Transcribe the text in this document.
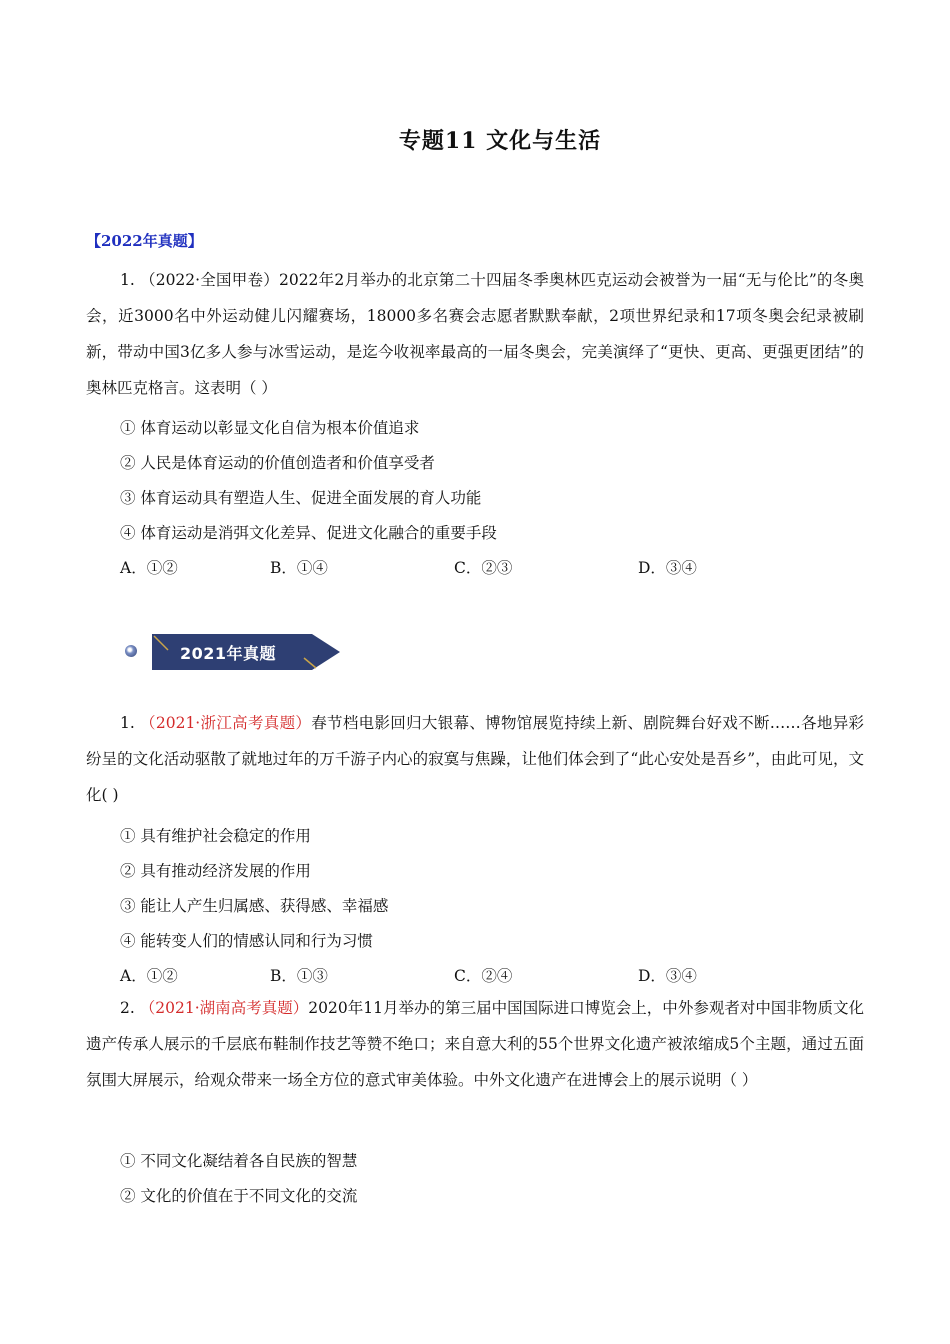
专题11 文化与生活
【2022年真题】
1. （2022·全国甲卷）2022年2月举办的北京第二十四届冬季奥林匹克运动会被誉为一届“无与伦比”的冬奥会，近3000名中外运动健儿闪耀赛场，18000多名赛会志愿者默默奉献，2项世界纪录和17项冬奥会纪录被刷新，带动中国3亿多人参与冰雪运动，是迄今收视率最高的一届冬奥会，完美演绎了“更快、更高、更强更团结”的奥林匹克格言。这表明（ ）
① 体育运动以彰显文化自信为根本价值追求
② 人民是体育运动的价值创造者和价值享受者
③ 体育运动具有塑造人生、促进全面发展的育人功能
④ 体育运动是消弭文化差异、促进文化融合的重要手段
A．①②	B．①④	C．②③	D．③④
2021年真题
1. （2021·浙江高考真题）春节档电影回归大银幕、博物馆展览持续上新、剧院舞台好戏不断……各地异彩纷呈的文化活动驱散了就地过年的万千游子内心的寂寞与焦躁，让他们体会到了“此心安处是吾乡”，由此可见，文化( )
① 具有维护社会稳定的作用
② 具有推动经济发展的作用
③ 能让人产生归属感、获得感、幸福感
④ 能转变人们的情感认同和行为习惯
A．①②	B．①③	C．②④	D．③④
2. （2021·湖南高考真题）2020年11月举办的第三届中国国际进口博览会上，中外参观者对中国非物质文化遗产传承人展示的千层底布鞋制作技艺等赞不绝口；来自意大利的55个世界文化遗产被浓缩成5个主题，通过五面氛围大屏展示，给观众带来一场全方位的意式审美体验。中外文化遗产在进博会上的展示说明（ ）
① 不同文化凝结着各自民族的智慧
② 文化的价值在于不同文化的交流
